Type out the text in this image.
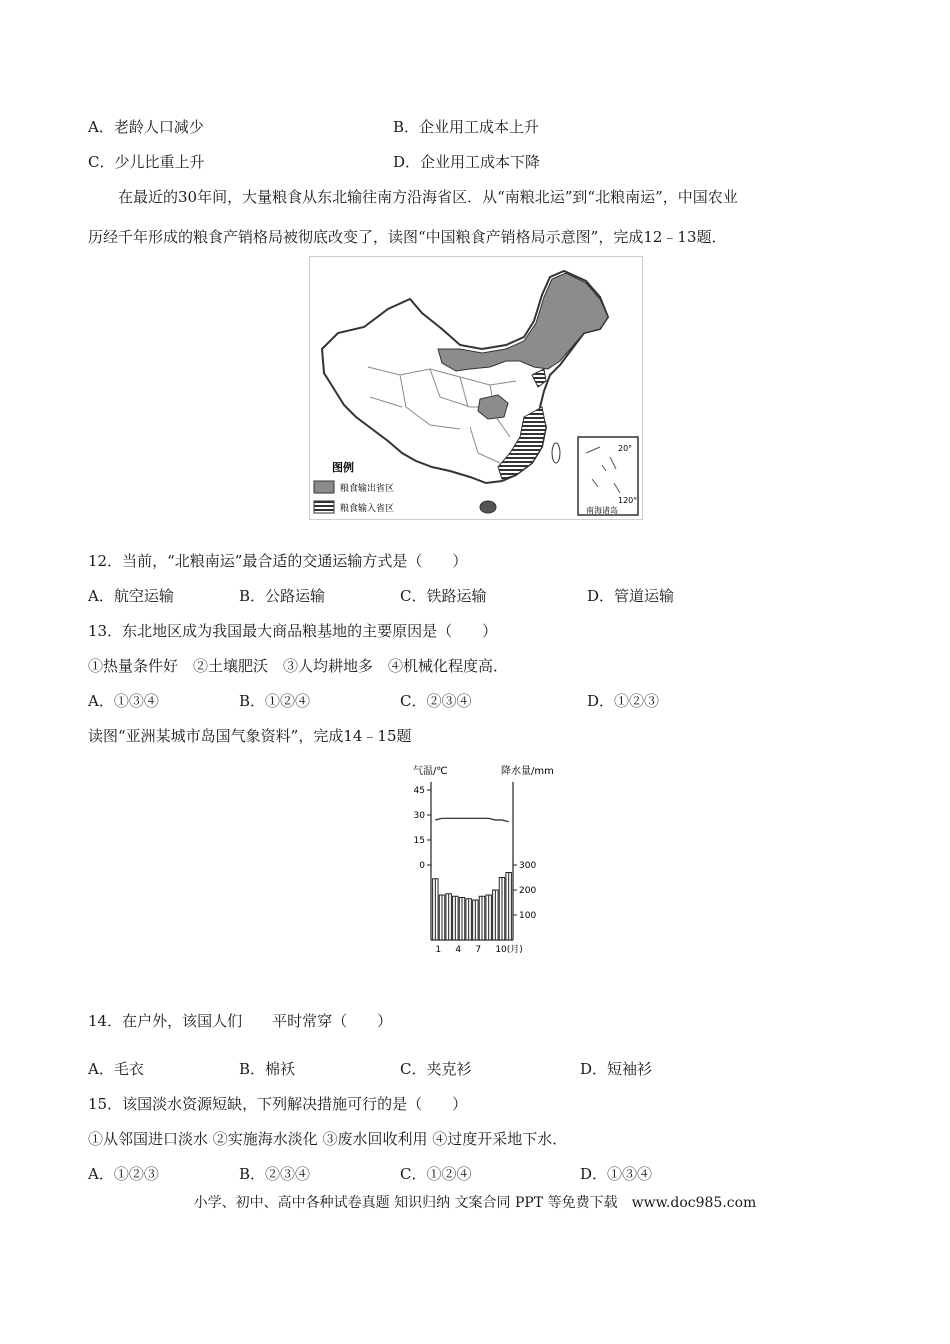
A．老龄人口减少	B．企业用工成本上升
C．少儿比重上升	D．企业用工成本下降
在最近的30年间，大量粮食从东北输往南方沿海省区．从“南粮北运”到“北粮南运”，中国农业
历经千年形成的粮食产销格局被彻底改变了，读图“中国粮食产销格局示意图”，完成12﹣13题．
图例
粮食输出省区
粮食输入省区
20°
120°
南海诸岛
12．当前，“北粮南运”最合适的交通运输方式是（　　）
A．航空运输	B．公路运输	C．铁路运输	D．管道运输
13．东北地区成为我国最大商品粮基地的主要原因是（　　）
①热量条件好　②土壤肥沃　③人均耕地多　④机械化程度高．
A．①③④	B．①②④	C．②③④	D．①②③
读图“亚洲某城市岛国气象资料”，完成14﹣15题
气温/℃	降水量/mm
45
30
15
0	300
200
100
1 4 7 10(月)
14．在户外，该国人们　　平时常穿（　　）
A．毛衣	B．棉袄	C．夹克衫	D．短袖衫
15．该国淡水资源短缺，下列解决措施可行的是（　　）
①从邻国进口淡水 ②实施海水淡化 ③废水回收利用 ④过度开采地下水．
A．①②③	B．②③④	C．①②④	D．①③④
小学、初中、高中各种试卷真题 知识归纳 文案合同 PPT 等免费下载　www.doc985.com
